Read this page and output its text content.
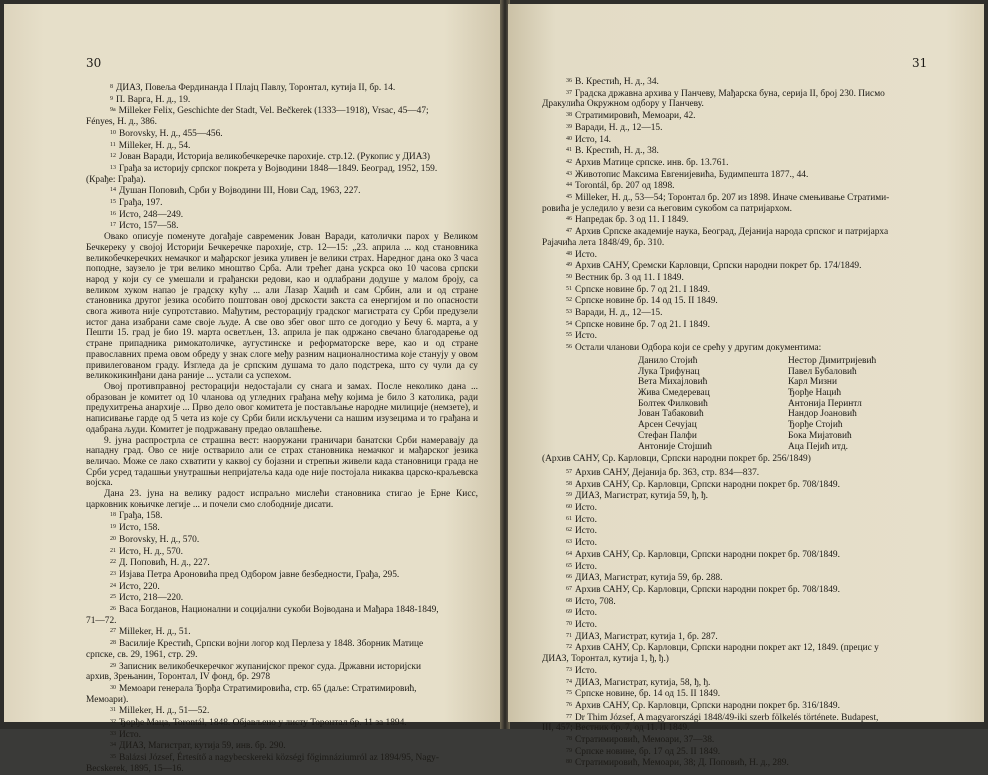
30

$^8$ ДИАЗ, Повеља Фердинанда I Плајц Павлу, Торонтал, кутија II, бр. 14.

$^9$ П. Варга, Н. д., 19.

$^{9a}$ Milleker Felix, Geschichte der Stadt, Vel. Bečkerek (1333—1918), Vrsac, 45—47;

Fényes, Н. д., 386.

$^{10}$ Borovsky, Н. д., 455—456.

$^{11}$ Milleker, Н. д., 54.

$^{12}$ Јован Варади, Историја великобечкеречке парохије. стр.12. (Рукопис у ДИАЗ)

$^{13}$ Грађа за историју српског покрета у Војводини 1848—1849. Београд, 1952, 159.

(Крађе: Грађа).

$^{14}$ Душан Поповић, Срби у Војводини III, Нови Сад, 1963, 227.

$^{15}$ Грађа, 197.

$^{16}$ Исто, 248—249.

$^{17}$ Исто, 157—58.

Овако описује поменуте догађаје савременик Јован Варади, католички парох у Великом Бечкереку у својој Историји Бечкеречке парохије, стр. 12—15: „23. априла ... код становника великобечкеречких немачког и мађарског језика уливен је велики страх. Нaредног дана око 3 часа поподне, заузело је три велико мноштво Срба. Али трећег дана ускрса око 10 часова српски народ у који су се умешали и грађански редови, као и одлабрани додуше у малом броју, са великом хуком напао је градску кућу ... али Лазар Хаџић и сам Србин, али и од стране становника другог језика особито поштован овој дрскости закста са енергијом и по опасности свога живота није супротставио. Мађутим, ресторацију градског магистрата су Срби предузели истог дана изабрани саме своје људе. А све ово збег овог што се догодио у Бечу 6. марта, а у Пешти 15. град је био 19. марта осветљен, 13. априла је пак одржано свечано благодарење од стране припадника римокатоличке, аугустинске и реформаторске вере, као и од стране православних према овом обреду у знак слоге међу разним националностима које станују у овом привилегованом граду. Изгледа да је српским душама то дало подстрека, што су чули да су великокикинђани дана раније ... устали са успехом.

Овој противправној ресторацији недостајали су снага и замах. После неколико дана ... образован је комитет од 10 чланова од угледних грађана међу којима је било 3 католика, ради предухитрења анархије ... Прво дело овог комитета је постављање народне милиције (немзете), и написивање гарде од 5 чета из које су Срби били искључени са нашим изузецима и то грађана и одабрана људи. Комитет је подржавану предао овлашћење.

9. јуна распрострла се страшна вест: наоружани граничари банатски Срби намеравају да нападну град. Ово се није остварило али се страх становника немачког и мађарског језика величао. Може се лако схватити у каквој су бојазни и стрепњи живели када становници града не Срби усред тадашњи унутрашњи непријатеља када оде није постојала никаква царско-краљевска војска.

Дана 23. јуна на велику радост испраљно мислећи становника стигао је Ернe Кисс, царковник коњичке легије ... и почели смо слободније дисати.

$^{18}$ Грађа, 158.

$^{19}$ Исто, 158.

$^{20}$ Borovsky, Н. д., 570.

$^{21}$ Исто, Н. д., 570.

$^{22}$ Д. Поповић, Н. д., 227.

$^{23}$ Изјава Петра Ароновића пред Одбором јавне безбедности, Грађа, 295.

$^{24}$ Исто, 220.

$^{25}$ Исто, 218—220.

$^{26}$ Васа Богданов, Национални и социјални сукоби Војводана и Мађара 1848-1849,

71—72.

$^{27}$ Milleker, Н. д., 51.

$^{28}$ Василије Крестић, Српски војни логор код Перлеза у 1848. Зборник Матице

српске, св. 29, 1961, стр. 29.

$^{29}$ Записник великобечкеречког жупанијског преког суда. Државни историјски

архив, Зрењанин, Торонтал, IV фонд, бр. 2978

$^{30}$ Мемоари генерала Ђорђа Стратимировића, стр. 65 (даље: Стратимировић,

Мемоари).

$^{31}$ Milleker, Н. д., 51—52.

$^{32}$ Ђорђе Маца, Torontál, 1848. Објављено у листу Торонтал бр. 11 за 1894.

$^{33}$ Исто.

$^{34}$ ДИАЗ, Магистрат, кутија 59, инв. бр. 290.

$^{35}$ Balázsi József, Értesítő a nagybecskereki községi főgimnáziumról az 1894/95, Nagy-

Becskerek, 1895, 15—16.

31

$^{36}$ В. Крестић, Н. д., 34.

$^{37}$ Градска државна архива у Панчеву, Мађарска буна, серија II, број 230. Писмо

Дракулића Окружном одбору у Панчеву.

$^{38}$ Стратимировић, Мемоари, 42.

$^{39}$ Варади, Н. д., 12—15.

$^{40}$ Исто, 14.

$^{41}$ В. Крестић, Н. д., 38.

$^{42}$ Архив Матице српске. инв. бр. 13.761.

$^{43}$ Животопис Максима Евгенијевића, Будимпешта 1877., 44.

$^{44}$ Torontál, бр. 207 од 1898.

$^{45}$ Milleker, Н. д., 53—54; Торонтал бр. 207 из 1898. Иначе смењивање Стратими-

ровића је уследило у вези са његовим сукобом са патријархом.

$^{46}$ Напредак бр. 3 од 11. I 1849.

$^{47}$ Архив Српске академије наука, Београд, Дејанија народа српског и патријарха

Рајачића лета 1848/49, бр. 310.

$^{48}$ Исто.

$^{49}$ Архив САНУ, Сремски Карловци, Српски народни покрет бр. 174/1849.

$^{50}$ Вестник бр. 3 од 11. I 1849.

$^{51}$ Српске новине бр. 7 од 21. I 1849.

$^{52}$ Српске новине бр. 14 од 15. II 1849.

$^{53}$ Варади, Н. д., 12—15.

$^{54}$ Српске новине бр. 7 од 21. I 1849.

$^{55}$ Исто.

$^{56}$ Остали чланови Одбора који се срећу у другим документима:

Данило Стојић	Нестор Димитријевић
Лука Трифунац	Павел Бубаловић
Вета Михајловић	Карл Мизни
Жива Смедеревац	Ђорђе Нацић
Болтек Филковић	Антонија Перинтл
Јован Табаковић	Нандор Јоановић
Арсен Сечујац	Ђорђе Стојић
Стефан Палфи	Бока Мијатовић
Антоније Стојшић	Аца Пејић итд.

(Архив САНУ, Ср. Карловци, Српски народни покрет бр. 256/1849)

$^{57}$ Архив САНУ, Дејанија бр. 363, стр. 834—837.

$^{58}$ Архив САНУ, Ср. Карловци, Српски народни покрет бр. 708/1849.

$^{59}$ ДИАЗ, Магистрат, кутија 59, ђ, ђ.

$^{60}$ Исто.

$^{61}$ Исто.

$^{62}$ Исто.

$^{63}$ Исто.

$^{64}$ Архив САНУ, Ср. Карловци, Српски народни покрет бр. 708/1849.

$^{65}$ Исто.

$^{66}$ ДИАЗ, Магистрат, кутија 59, бр. 288.

$^{67}$ Архив САНУ, Ср. Карловци, Српски народни покрет бр. 708/1849.

$^{68}$ Исто, 708.

$^{69}$ Исто.

$^{70}$ Исто.

$^{71}$ ДИАЗ, Магистрат, кутија 1, бр. 287.

$^{72}$ Архив САНУ, Ср. Карловци, Српски народни покрет акт 12, 1849. (прецис у

ДИАЗ, Торонтал, кутија 1, ђ, ђ.)

$^{73}$ Исто.

$^{74}$ ДИАЗ, Магистрат, кутија, 58, ђ, ђ.

$^{75}$ Српске новине, бр. 14 од 15. II 1849.

$^{76}$ Архив САНУ, Ср. Карловци, Српски народни покрет бр. 316/1849.

$^{77}$ Dr Thim József, A magyarországi 1848/49-iki szerb fölkelés története. Budapest,

III, 457; Вестник бр. 7, од 11. II 1849.

$^{78}$ Стратимировић, Мемоари, 37—38.

$^{79}$ Српске новине, бр. 17 од 25. II 1849.

$^{80}$ Стратимировић, Мемоари, 38; Д. Поповић, Н. д., 289.
